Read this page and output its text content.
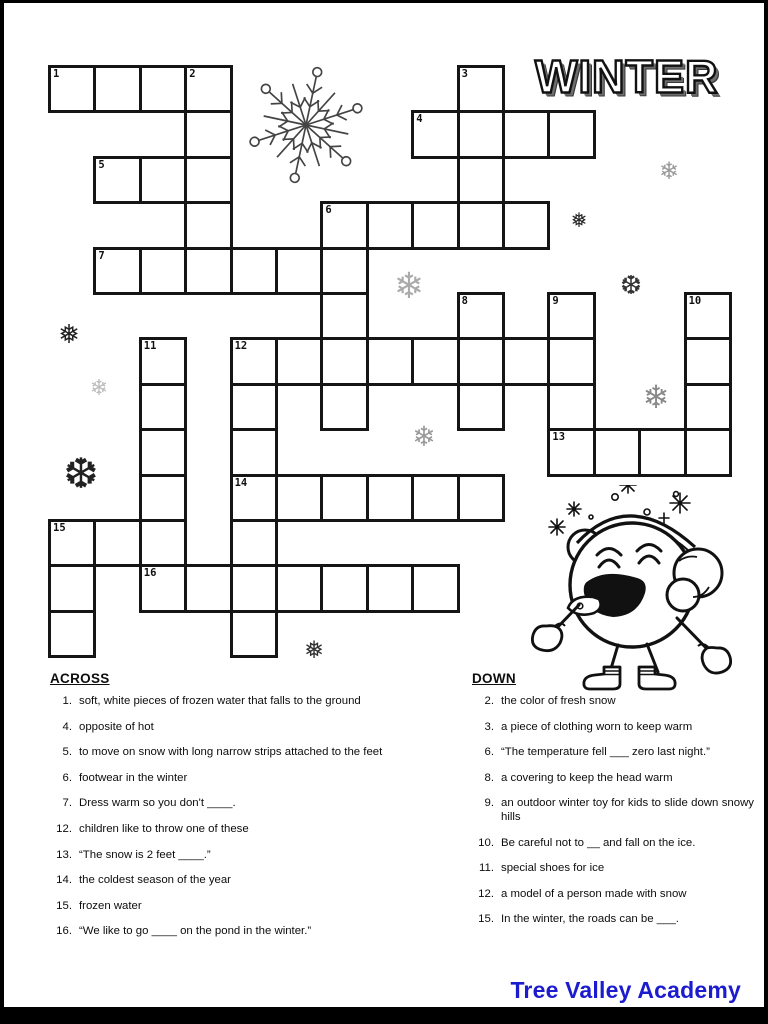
WINTER
1	2	3
4
5
6
7
8	9	10
11	12
13
14
15
16
❄
❅
❄	❆
❅
❄
❆
❄
❄
❅
ACROSS
1. soft, white pieces of frozen water that falls to the ground
4. opposite of hot
5. to move on snow with long narrow strips attached to the feet
6. footwear in the winter
7. Dress warm so you don't ____.
12. children like to throw one of these
13. “The snow is 2 feet ____.”
14. the coldest season of the year
15. frozen water
16. “We like to go ____ on the pond in the winter.”
DOWN
2. the color of fresh snow
3. a piece of clothing worn to keep warm
6. “The temperature fell ___ zero last night.”
8. a covering to keep the head warm
9. an outdoor winter toy for kids to slide down snowy hills
10. Be careful not to __ and fall on the ice.
11. special shoes for ice
12. a model of a person made with snow
15. In the winter, the roads can be ___.
Tree Valley Academy
